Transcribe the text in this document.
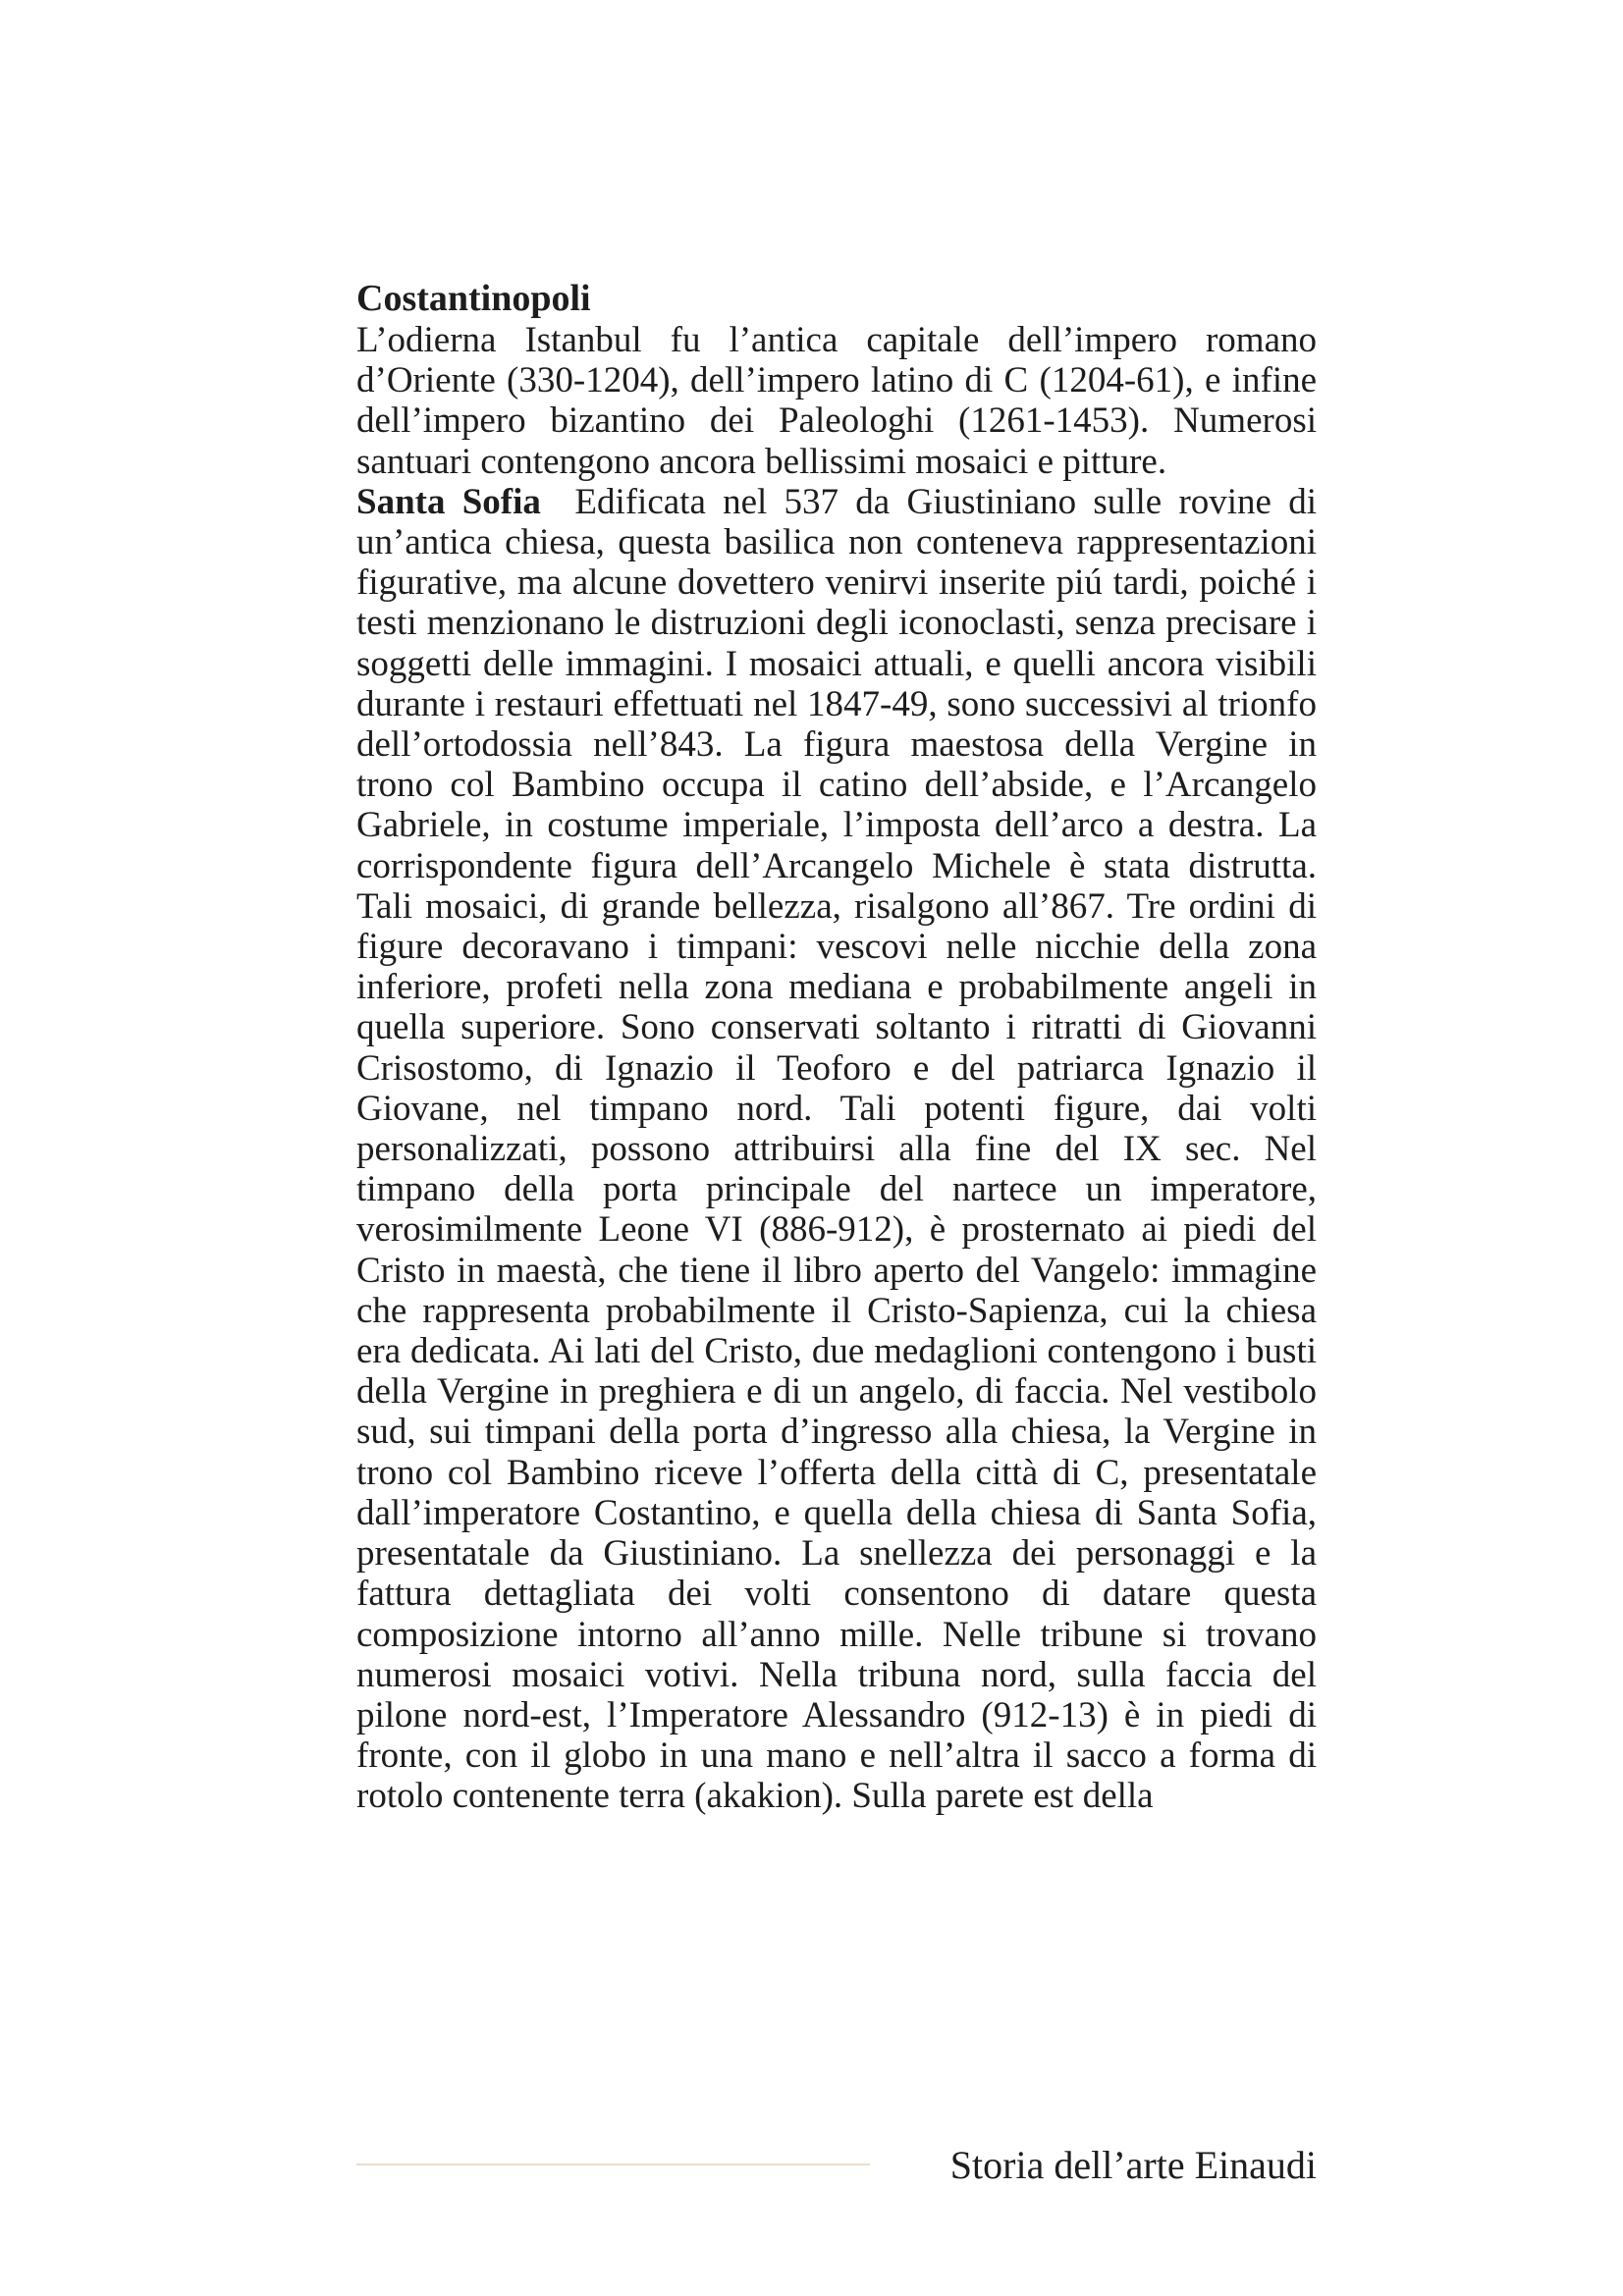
Costantinopoli

L’odierna Istanbul fu l’antica capitale dell’impero romano d’Oriente (330-1204), dell’impero latino di C (1204-61), e infine dell’impero bizantino dei Paleologhi (1261-1453). Numerosi santuari contengono ancora bellissimi mosaici e pitture.

Santa Sofia Edificata nel 537 da Giustiniano sulle rovine di un’antica chiesa, questa basilica non conteneva rappresentazioni figurative, ma alcune dovettero venirvi inserite piú tardi, poiché i testi menzionano le distruzioni degli iconoclasti, senza precisare i soggetti delle immagini. I mosaici attuali, e quelli ancora visibili durante i restauri effettuati nel 1847-49, sono successivi al trionfo dell’ortodossia nell’843. La figura maestosa della Vergine in trono col Bambino occupa il catino dell’abside, e l’Arcangelo Gabriele, in costume imperiale, l’imposta dell’arco a destra. La corrispondente figura dell’Arcangelo Michele è stata distrutta. Tali mosaici, di grande bellezza, risalgono all’867. Tre ordini di figure decoravano i timpani: vescovi nelle nicchie della zona inferiore, profeti nella zona mediana e probabilmente angeli in quella superiore. Sono conservati soltanto i ritratti di Giovanni Crisostomo, di Ignazio il Teoforo e del patriarca Ignazio il Giovane, nel timpano nord. Tali potenti figure, dai volti personalizzati, possono attribuirsi alla fine del IX sec. Nel timpano della porta principale del nartece un imperatore, verosimilmente Leone VI (886-912), è prosternato ai piedi del Cristo in maestà, che tiene il libro aperto del Vangelo: immagine che rappresenta probabilmente il Cristo-Sapienza, cui la chiesa era dedicata. Ai lati del Cristo, due medaglioni contengono i busti della Vergine in preghiera e di un angelo, di faccia. Nel vestibolo sud, sui timpani della porta d’ingresso alla chiesa, la Vergine in trono col Bambino riceve l’offerta della città di C, presentatale dall’imperatore Costantino, e quella della chiesa di Santa Sofia, presentatale da Giustiniano. La snellezza dei personaggi e la fattura dettagliata dei volti consentono di datare questa composizione intorno all’anno mille. Nelle tribune si trovano numerosi mosaici votivi. Nella tribuna nord, sulla faccia del pilone nord-est, l’Imperatore Alessandro (912-13) è in piedi di fronte, con il globo in una mano e nell’altra il sacco a forma di rotolo contenente terra (akakion). Sulla parete est della

Storia dell’arte Einaudi
